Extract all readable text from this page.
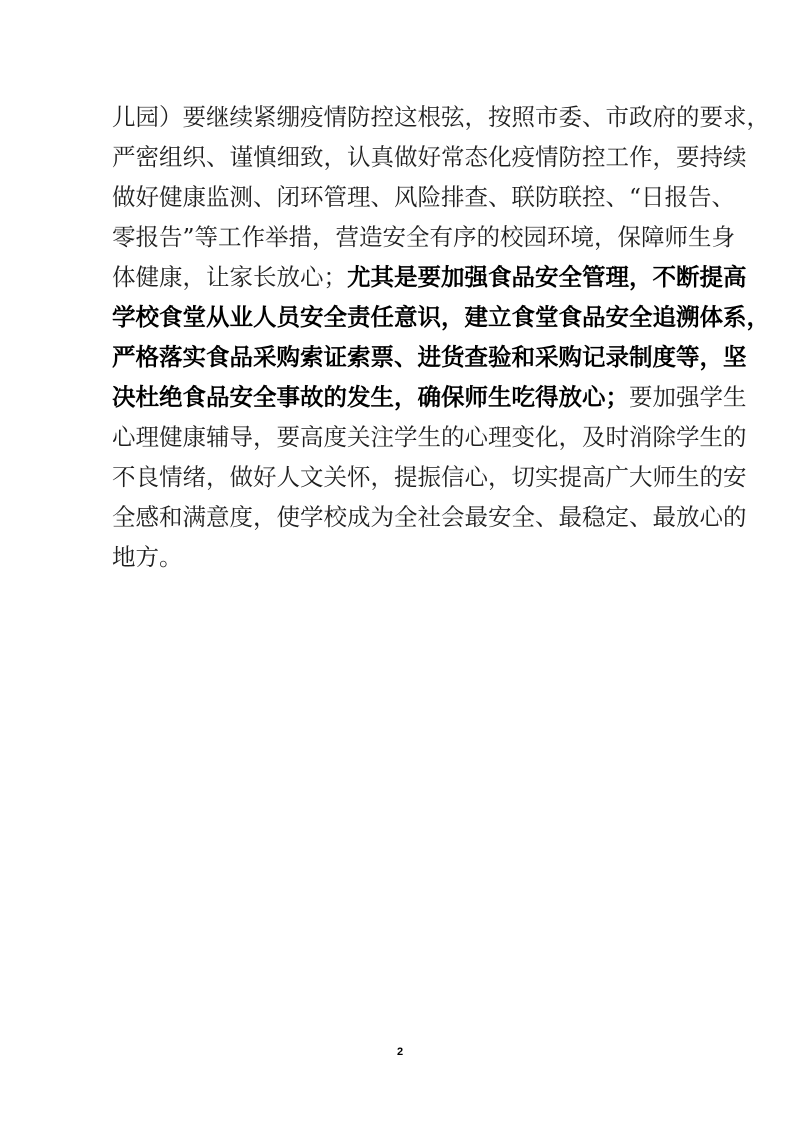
儿园）要继续紧绷疫情防控这根弦，按照市委、市政府的要求，
严密组织、谨慎细致，认真做好常态化疫情防控工作，要持续
做好健康监测、闭环管理、风险排查、联防联控、“日报告、
零报告”等工作举措，营造安全有序的校园环境，保障师生身
体健康，让家长放心；尤其是要加强食品安全管理，不断提高
学校食堂从业人员安全责任意识，建立食堂食品安全追溯体系，
严格落实食品采购索证索票、进货查验和采购记录制度等，坚
决杜绝食品安全事故的发生，确保师生吃得放心；要加强学生
心理健康辅导，要高度关注学生的心理变化，及时消除学生的
不良情绪，做好人文关怀，提振信心，切实提高广大师生的安
全感和满意度，使学校成为全社会最安全、最稳定、最放心的
地方。
2
